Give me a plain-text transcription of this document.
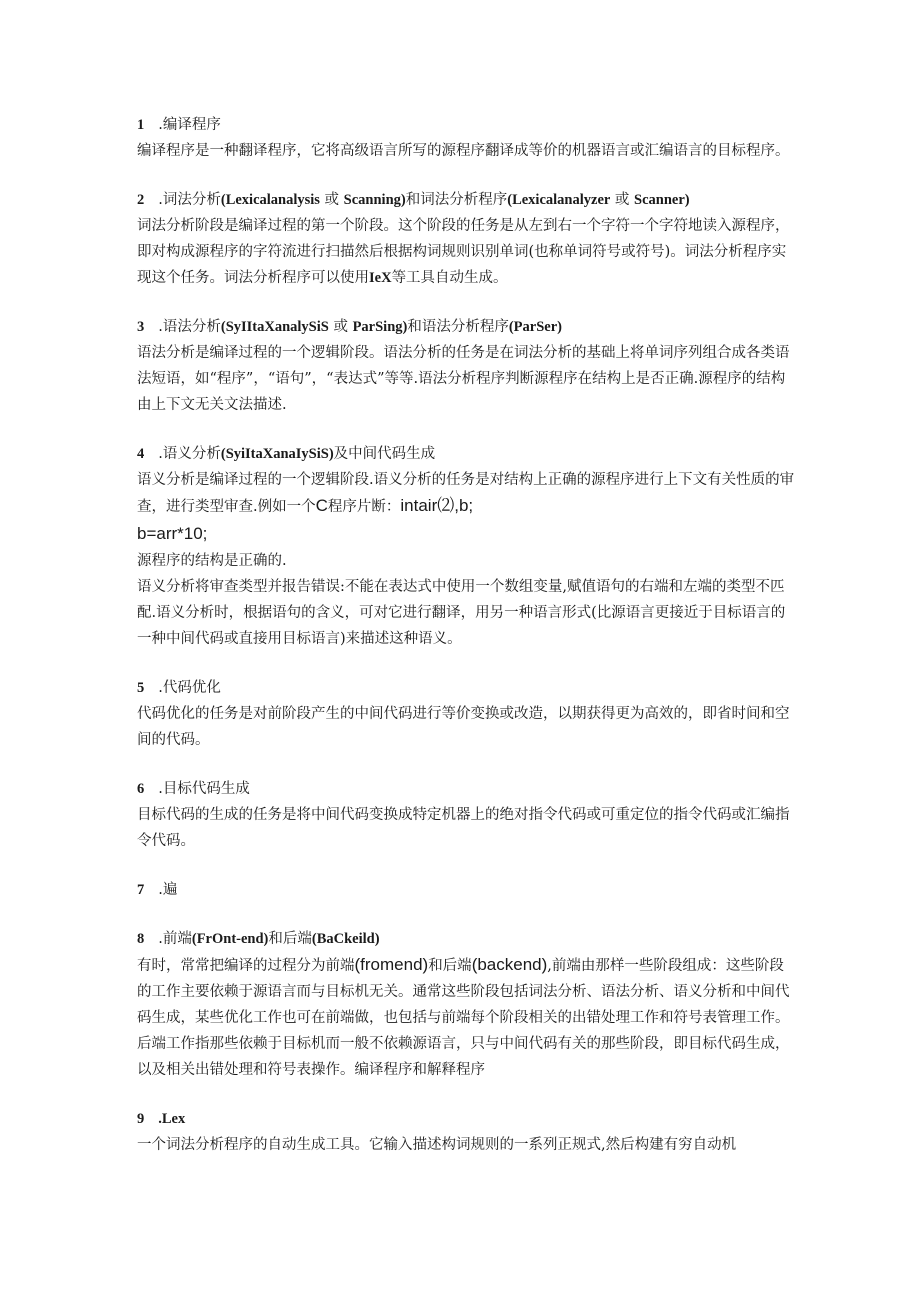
1 .编译程序

编译程序是一种翻译程序，它将高级语言所写的源程序翻译成等价的机器语言或汇编语言的目标程序。

2 .词法分析(Lexicalanalysis 或 Scanning)和词法分析程序(Lexicalanalyzer 或 Scanner)

词法分析阶段是编译过程的第一个阶段。这个阶段的任务是从左到右一个字符一个字符地读入源程序，即对构成源程序的字符流进行扫描然后根据构词规则识别单词(也称单词符号或符号)。词法分析程序实现这个任务。词法分析程序可以使用IeX等工具自动生成。

3 .语法分析(SyIItaXanalySiS 或 ParSing)和语法分析程序(ParSer)

语法分析是编译过程的一个逻辑阶段。语法分析的任务是在词法分析的基础上将单词序列组合成各类语法短语，如“程序”，“语句”，“表达式”等等.语法分析程序判断源程序在结构上是否正确.源程序的结构由上下文无关文法描述.

4 .语义分析(SyiItaXanaIySiS)及中间代码生成

语义分析是编译过程的一个逻辑阶段.语义分析的任务是对结构上正确的源程序进行上下文有关性质的审查，进行类型审查.例如一个C程序片断：intair⑵,b;

b=arr*10;

源程序的结构是正确的.

语义分析将审查类型并报告错误:不能在表达式中使用一个数组变量,赋值语句的右端和左端的类型不匹配.语义分析时，根据语句的含义，可对它进行翻译，用另一种语言形式(比源语言更接近于目标语言的一种中间代码或直接用目标语言)来描述这种语义。

5 .代码优化

代码优化的任务是对前阶段产生的中间代码进行等价变换或改造，以期获得更为高效的，即省时间和空间的代码。

6 .目标代码生成

目标代码的生成的任务是将中间代码变换成特定机器上的绝对指令代码或可重定位的指令代码或汇编指令代码。

7 .遍

8 .前端(FrOnt-end)和后端(BaCkeild)

有时，常常把编译的过程分为前端(fromend)和后端(backend),前端由那样一些阶段组成：这些阶段的工作主要依赖于源语言而与目标机无关。通常这些阶段包括词法分析、语法分析、语义分析和中间代码生成，某些优化工作也可在前端做，也包括与前端每个阶段相关的出错处理工作和符号表管理工作。后端工作指那些依赖于目标机而一般不依赖源语言，只与中间代码有关的那些阶段，即目标代码生成，以及相关出错处理和符号表操作。编译程序和解释程序

9 .Lex

一个词法分析程序的自动生成工具。它输入描述构词规则的一系列正规式,然后构建有穷自动机
